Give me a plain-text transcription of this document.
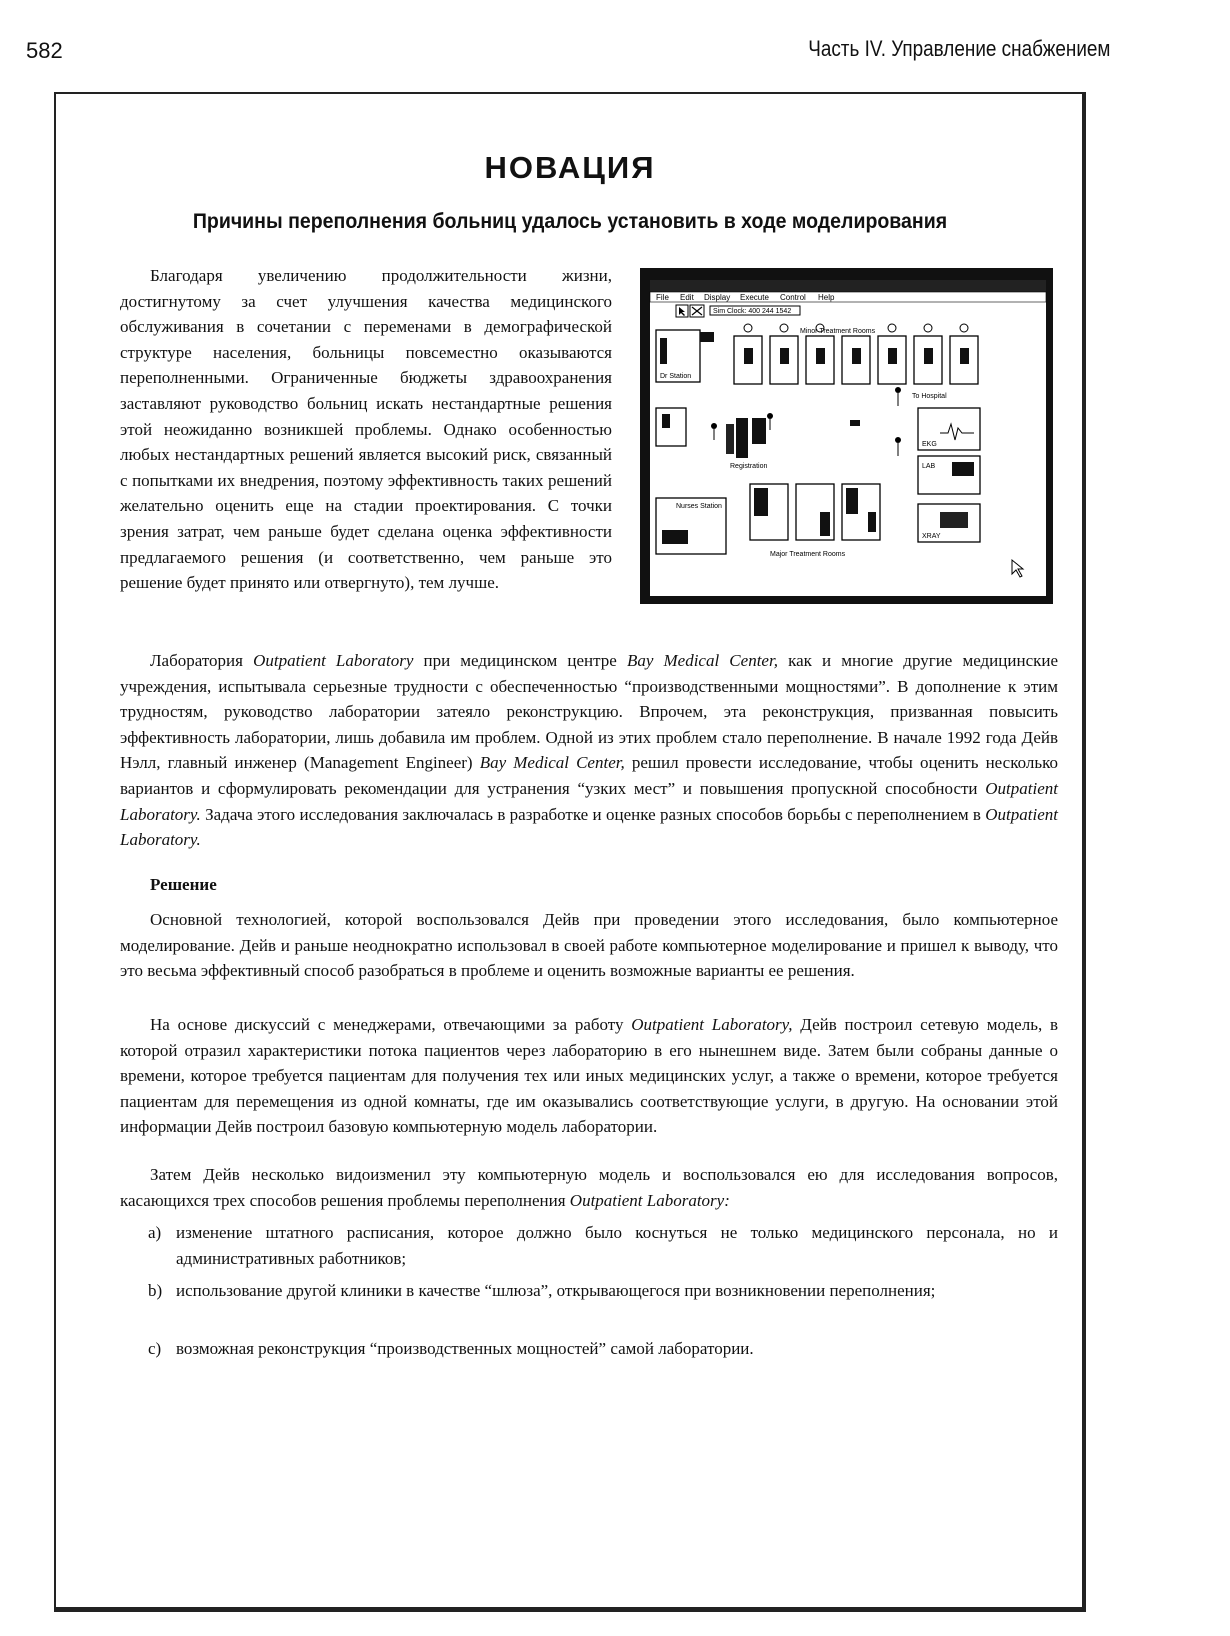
582	Часть IV. Управление снабжением
НОВАЦИЯ
Причины переполнения больниц удалось установить в ходе моделирования

Благодаря увеличению продолжительности жизни, достигнутому за счет улучшения качества медицинского обслуживания в сочетании с переменами в демографической структуре населения, больницы повсеместно оказываются переполненными. Ограниченные бюджеты здравоохранения заставляют руководство больниц искать нестандартные решения этой неожиданно возникшей проблемы. Однако особенностью любых нестандартных решений является высокий риск, связанный с попытками их внедрения, поэтому эффективность таких решений желательно оценить еще на стадии проектирования. С точки зрения затрат, чем раньше будет сделана оценка эффективности предлагаемого решения (и соответственно, чем раньше это решение будет принято или отвергнуто), тем лучше.

File Edit Display Execute Control Help
Sim Clock: 400 244 1542
Minor Treatment Rooms
Dr Station
Registration
To Hospital
EKG
LAB
XRAY
Nurses Station
Major Treatment Rooms

Лаборатория Outpatient Laboratory при медицинском центре Bay Medical Center, как и многие другие медицинские учреждения, испытывала серьезные трудности с обеспеченностью “производственными мощностями”. В дополнение к этим трудностям, руководство лаборатории затеяло реконструкцию. Впрочем, эта реконструкция, призванная повысить эффективность лаборатории, лишь добавила им проблем. Одной из этих проблем стало переполнение. В начале 1992 года Дейв Нэлл, главный инженер (Management Engineer) Bay Medical Center, решил провести исследование, чтобы оценить несколько вариантов и сформулировать рекомендации для устранения “узких мест” и повышения пропускной способности Outpatient Laboratory. Задача этого исследования заключалась в разработке и оценке разных способов борьбы с переполнением в Outpatient Laboratory.

Решение

Основной технологией, которой воспользовался Дейв при проведении этого исследования, было компьютерное моделирование. Дейв и раньше неоднократно использовал в своей работе компьютерное моделирование и пришел к выводу, что это весьма эффективный способ разобраться в проблеме и оценить возможные варианты ее решения.

На основе дискуссий с менеджерами, отвечающими за работу Outpatient Laboratory, Дейв построил сетевую модель, в которой отразил характеристики потока пациентов через лабораторию в его нынешнем виде. Затем были собраны данные о времени, которое требуется пациентам для получения тех или иных медицинских услуг, а также о времени, которое требуется пациентам для перемещения из одной комнаты, где им оказывались соответствующие услуги, в другую. На основании этой информации Дейв построил базовую компьютерную модель лаборатории.

Затем Дейв несколько видоизменил эту компьютерную модель и воспользовался ею для исследования вопросов, касающихся трех способов решения проблемы переполнения Outpatient Laboratory:

a) изменение штатного расписания, которое должно было коснуться не только медицинского персонала, но и административных работников;
b) использование другой клиники в качестве “шлюза”, открывающегося при возникновении переполнения;
c) возможная реконструкция “производственных мощностей” самой лаборатории.
